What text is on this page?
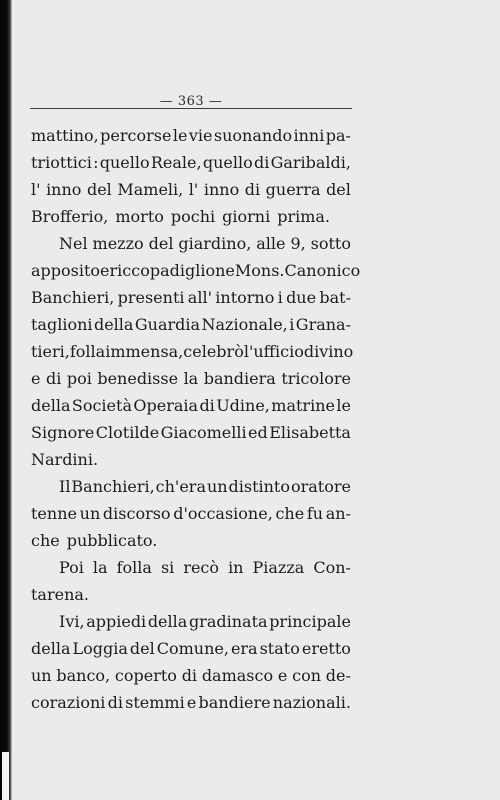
— 363 —
mattino, percorse le vie suonando inni pa-
triottici : quello Reale, quello di Garibaldi,
l' inno del Mameli, l' inno di guerra del
Brofferio, morto pochi giorni prima.
Nel mezzo del giardino, alle 9, sotto
apposito e ricco padiglione Mons. Canonico
Banchieri, presenti all' intorno i due bat-
taglioni della Guardia Nazionale, i Grana-
tieri, folla immensa, celebrò l'ufficio divino
e di poi benedisse la bandiera tricolore
della Società Operaia di Udine, matrine le
Signore Clotilde Giacomelli ed Elisabetta
Nardini.
Il Banchieri, ch'era un distinto oratore
tenne un discorso d'occasione, che fu an-
che pubblicato.
Poi la folla si recò in Piazza Con-
tarena.
Ivi, appiedi della gradinata principale
della Loggia del Comune, era stato eretto
un banco, coperto di damasco e con de-
corazioni di stemmi e bandiere nazionali.
